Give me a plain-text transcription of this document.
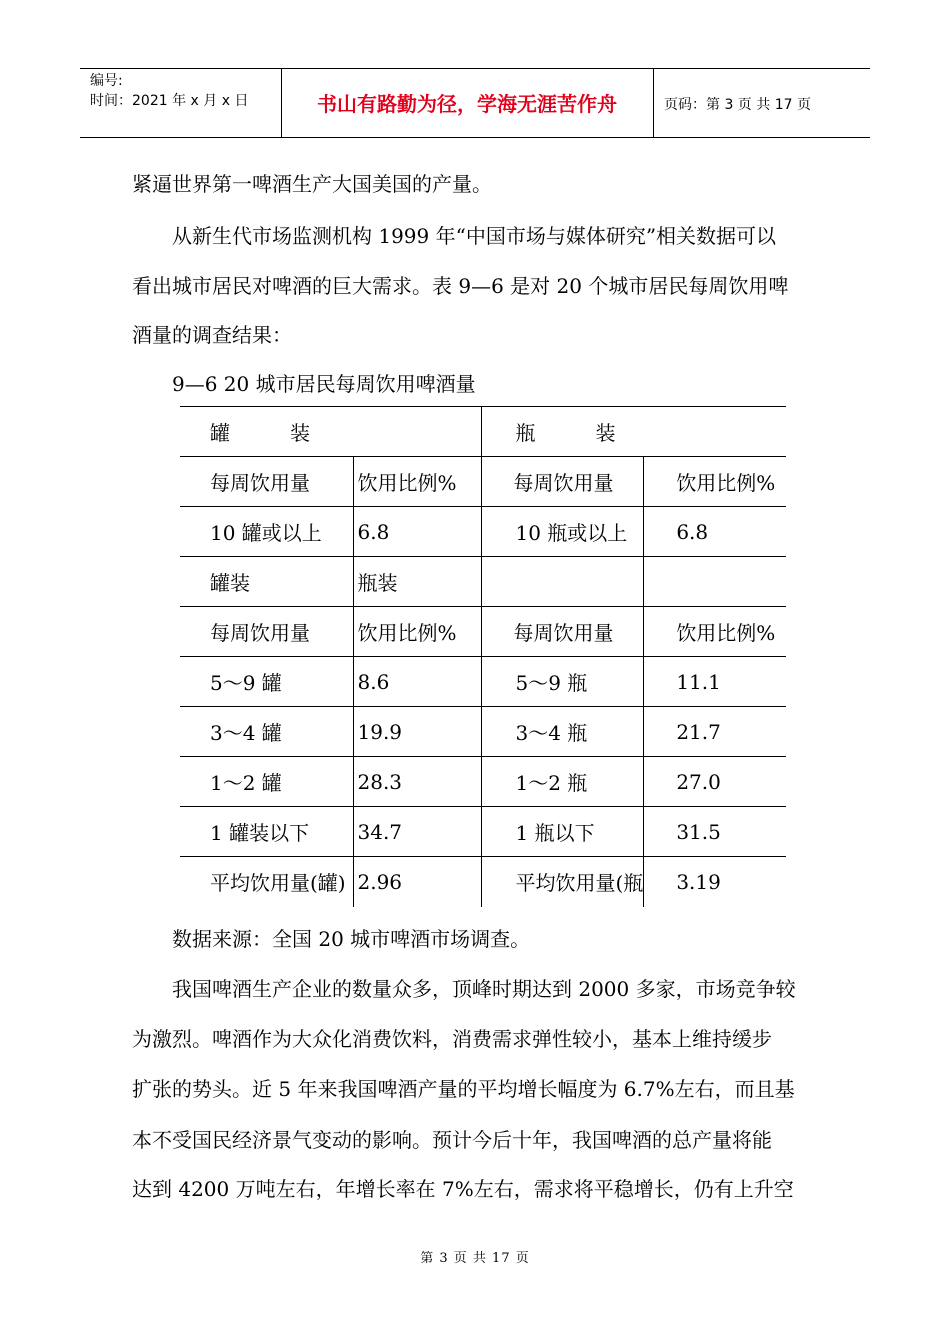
编号:
时间：2021 年 x 月 x 日	书山有路勤为径，学海无涯苦作舟	页码：第 3 页 共 17 页
紧逼世界第一啤酒生产大国美国的产量。
　　从新生代市场监测机构 1999 年“中国市场与媒体研究”相关数据可以
看出城市居民对啤酒的巨大需求。表 9—6 是对 20 个城市居民每周饮用啤
酒量的调查结果：
　　9—6 20 城市居民每周饮用啤酒量
罐　　　装		瓶　　　装	
每周饮用量	饮用比例%	每周饮用量	饮用比例%
10 罐或以上	6.8	10 瓶或以上	6.8
罐装	瓶装		
每周饮用量	饮用比例%	每周饮用量	饮用比例%
5～9 罐	8.6	5～9 瓶	11.1
3～4 罐	19.9	3～4 瓶	21.7
1～2 罐	28.3	1～2 瓶	27.0
1 罐装以下	34.7	1 瓶以下	31.5
平均饮用量(罐)	2.96	平均饮用量(瓶	3.19
　　数据来源：全国 20 城市啤酒市场调查。
　　我国啤酒生产企业的数量众多，顶峰时期达到 2000 多家，市场竞争较
为激烈。啤酒作为大众化消费饮料，消费需求弹性较小，基本上维持缓步
扩张的势头。近 5 年来我国啤酒产量的平均增长幅度为 6.7%左右，而且基
本不受国民经济景气变动的影响。预计今后十年，我国啤酒的总产量将能
达到 4200 万吨左右，年增长率在 7%左右，需求将平稳增长，仍有上升空
第 3 页 共 17 页
